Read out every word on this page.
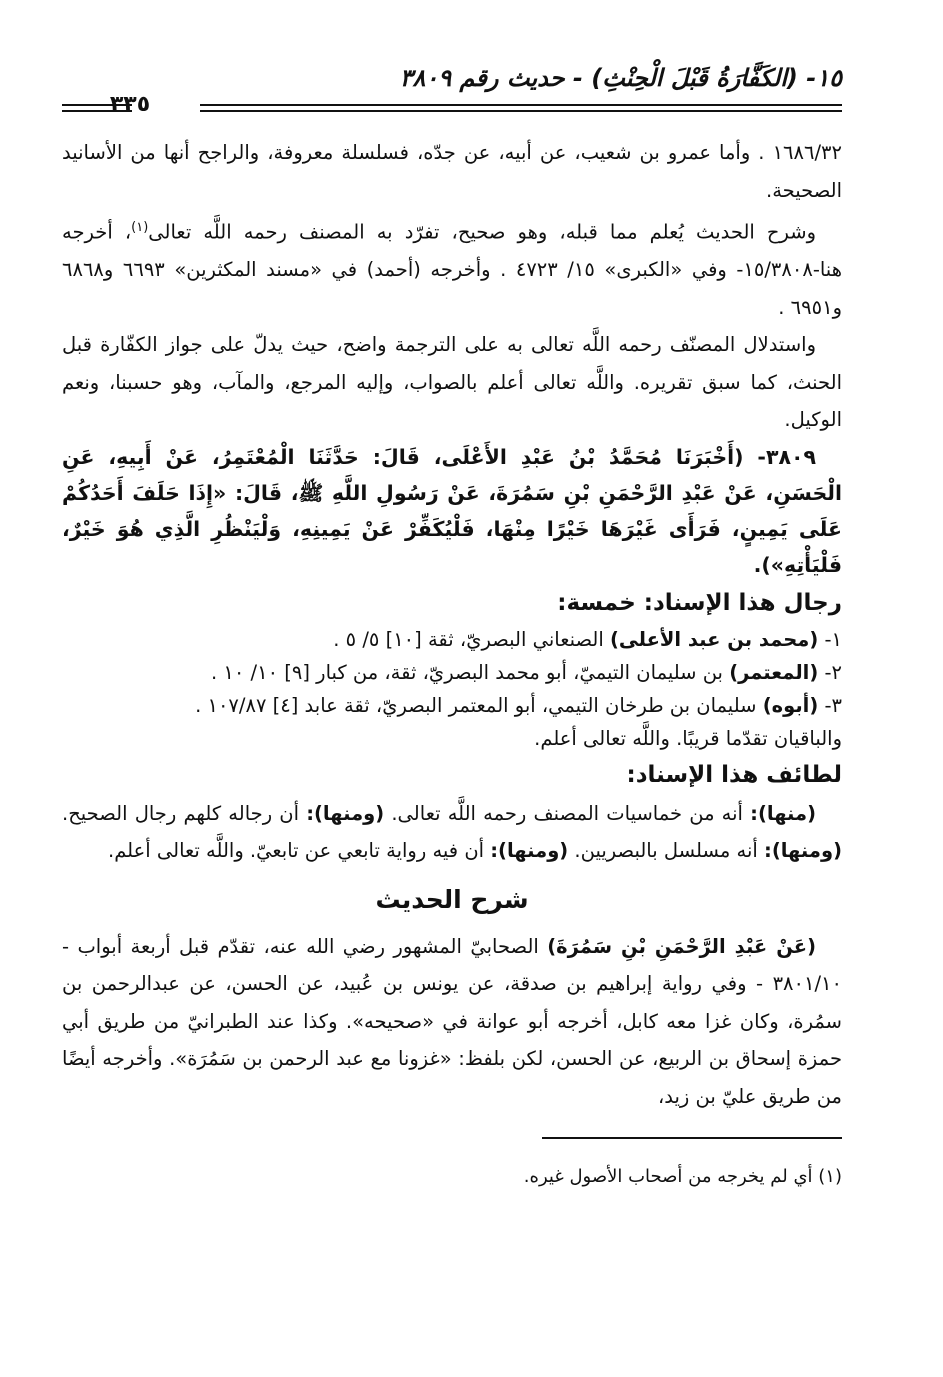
١٥- (الكَفَّارَةُ قَبْلَ الْحِنْثِ) - حديث رقم ٣٨٠٩
٣٣٥

١٦٨٦/٣٢ . وأما عمرو بن شعيب، عن أبيه، عن جدّه، فسلسلة معروفة، والراجح أنها من الأسانيد الصحيحة.

وشرح الحديث يُعلم مما قبله، وهو صحيح، تفرّد به المصنف رحمه اللَّه تعالى$^{(١)}$، أخرجه هنا-١٥/٣٨٠٨- وفي «الكبرى» ١٥/ ٤٧٢٣ . وأخرجه (أحمد) في «مسند المكثرين» ٦٦٩٣ و٦٨٦٨ و٦٩٥١ .

واستدلال المصنّف رحمه اللَّه تعالى به على الترجمة واضح، حيث يدلّ على جواز الكفّارة قبل الحنث، كما سبق تقريره. واللَّه تعالى أعلم بالصواب، وإليه المرجع، والمآب، وهو حسبنا، ونعم الوكيل.

٣٨٠٩- (أَخْبَرَنَا مُحَمَّدُ بْنُ عَبْدِ الأَعْلَى، قَالَ: حَدَّثَنَا الْمُعْتَمِرُ، عَنْ أَبِيهِ، عَنِ الْحَسَنِ، عَنْ عَبْدِ الرَّحْمَنِ بْنِ سَمُرَةَ، عَنْ رَسُولِ اللَّهِ ﷺ، قَالَ: «إِذَا حَلَفَ أَحَدُكُمْ عَلَى يَمِينٍ، فَرَأَى غَيْرَهَا خَيْرًا مِنْهَا، فَلْيُكَفِّرْ عَنْ يَمِينِهِ، وَلْيَنْظُرِ الَّذِي هُوَ خَيْرٌ، فَلْيَأْتِهِ»).

رجال هذا الإسناد: خمسة:

١- (محمد بن عبد الأعلى) الصنعاني البصريّ، ثقة [١٠] ٥/ ٥ .

٢- (المعتمر) بن سليمان التيميّ، أبو محمد البصريّ، ثقة، من كبار [٩] ١٠/ ١٠ .

٣- (أبوه) سليمان بن طرخان التيمي، أبو المعتمر البصريّ، ثقة عابد [٤] ١٠٧/٨٧ .

والباقيان تقدّما قريبًا. واللَّه تعالى أعلم.

لطائف هذا الإسناد:

(منها): أنه من خماسيات المصنف رحمه اللَّه تعالى. (ومنها): أن رجاله كلهم رجال الصحيح. (ومنها): أنه مسلسل بالبصريين. (ومنها): أن فيه رواية تابعي عن تابعيّ. واللَّه تعالى أعلم.

شرح الحديث

(عَنْ عَبْدِ الرَّحْمَنِ بْنِ سَمُرَةَ) الصحابيّ المشهور رضي الله عنه، تقدّم قبل أربعة أبواب - ٣٨٠١/١٠ - وفي رواية إبراهيم بن صدقة، عن يونس بن عُبيد، عن الحسن، عن عبدالرحمن بن سمُرة، وكان غزا معه كابل، أخرجه أبو عوانة في «صحيحه». وكذا عند الطبرانيّ من طريق أبي حمزة إسحاق بن الربيع، عن الحسن، لكن بلفظ: «غزونا مع عبد الرحمن بن سَمُرَة». وأخرجه أيضًا من طريق عليّ بن زيد،

(١) أي لم يخرجه من أصحاب الأصول غيره.
